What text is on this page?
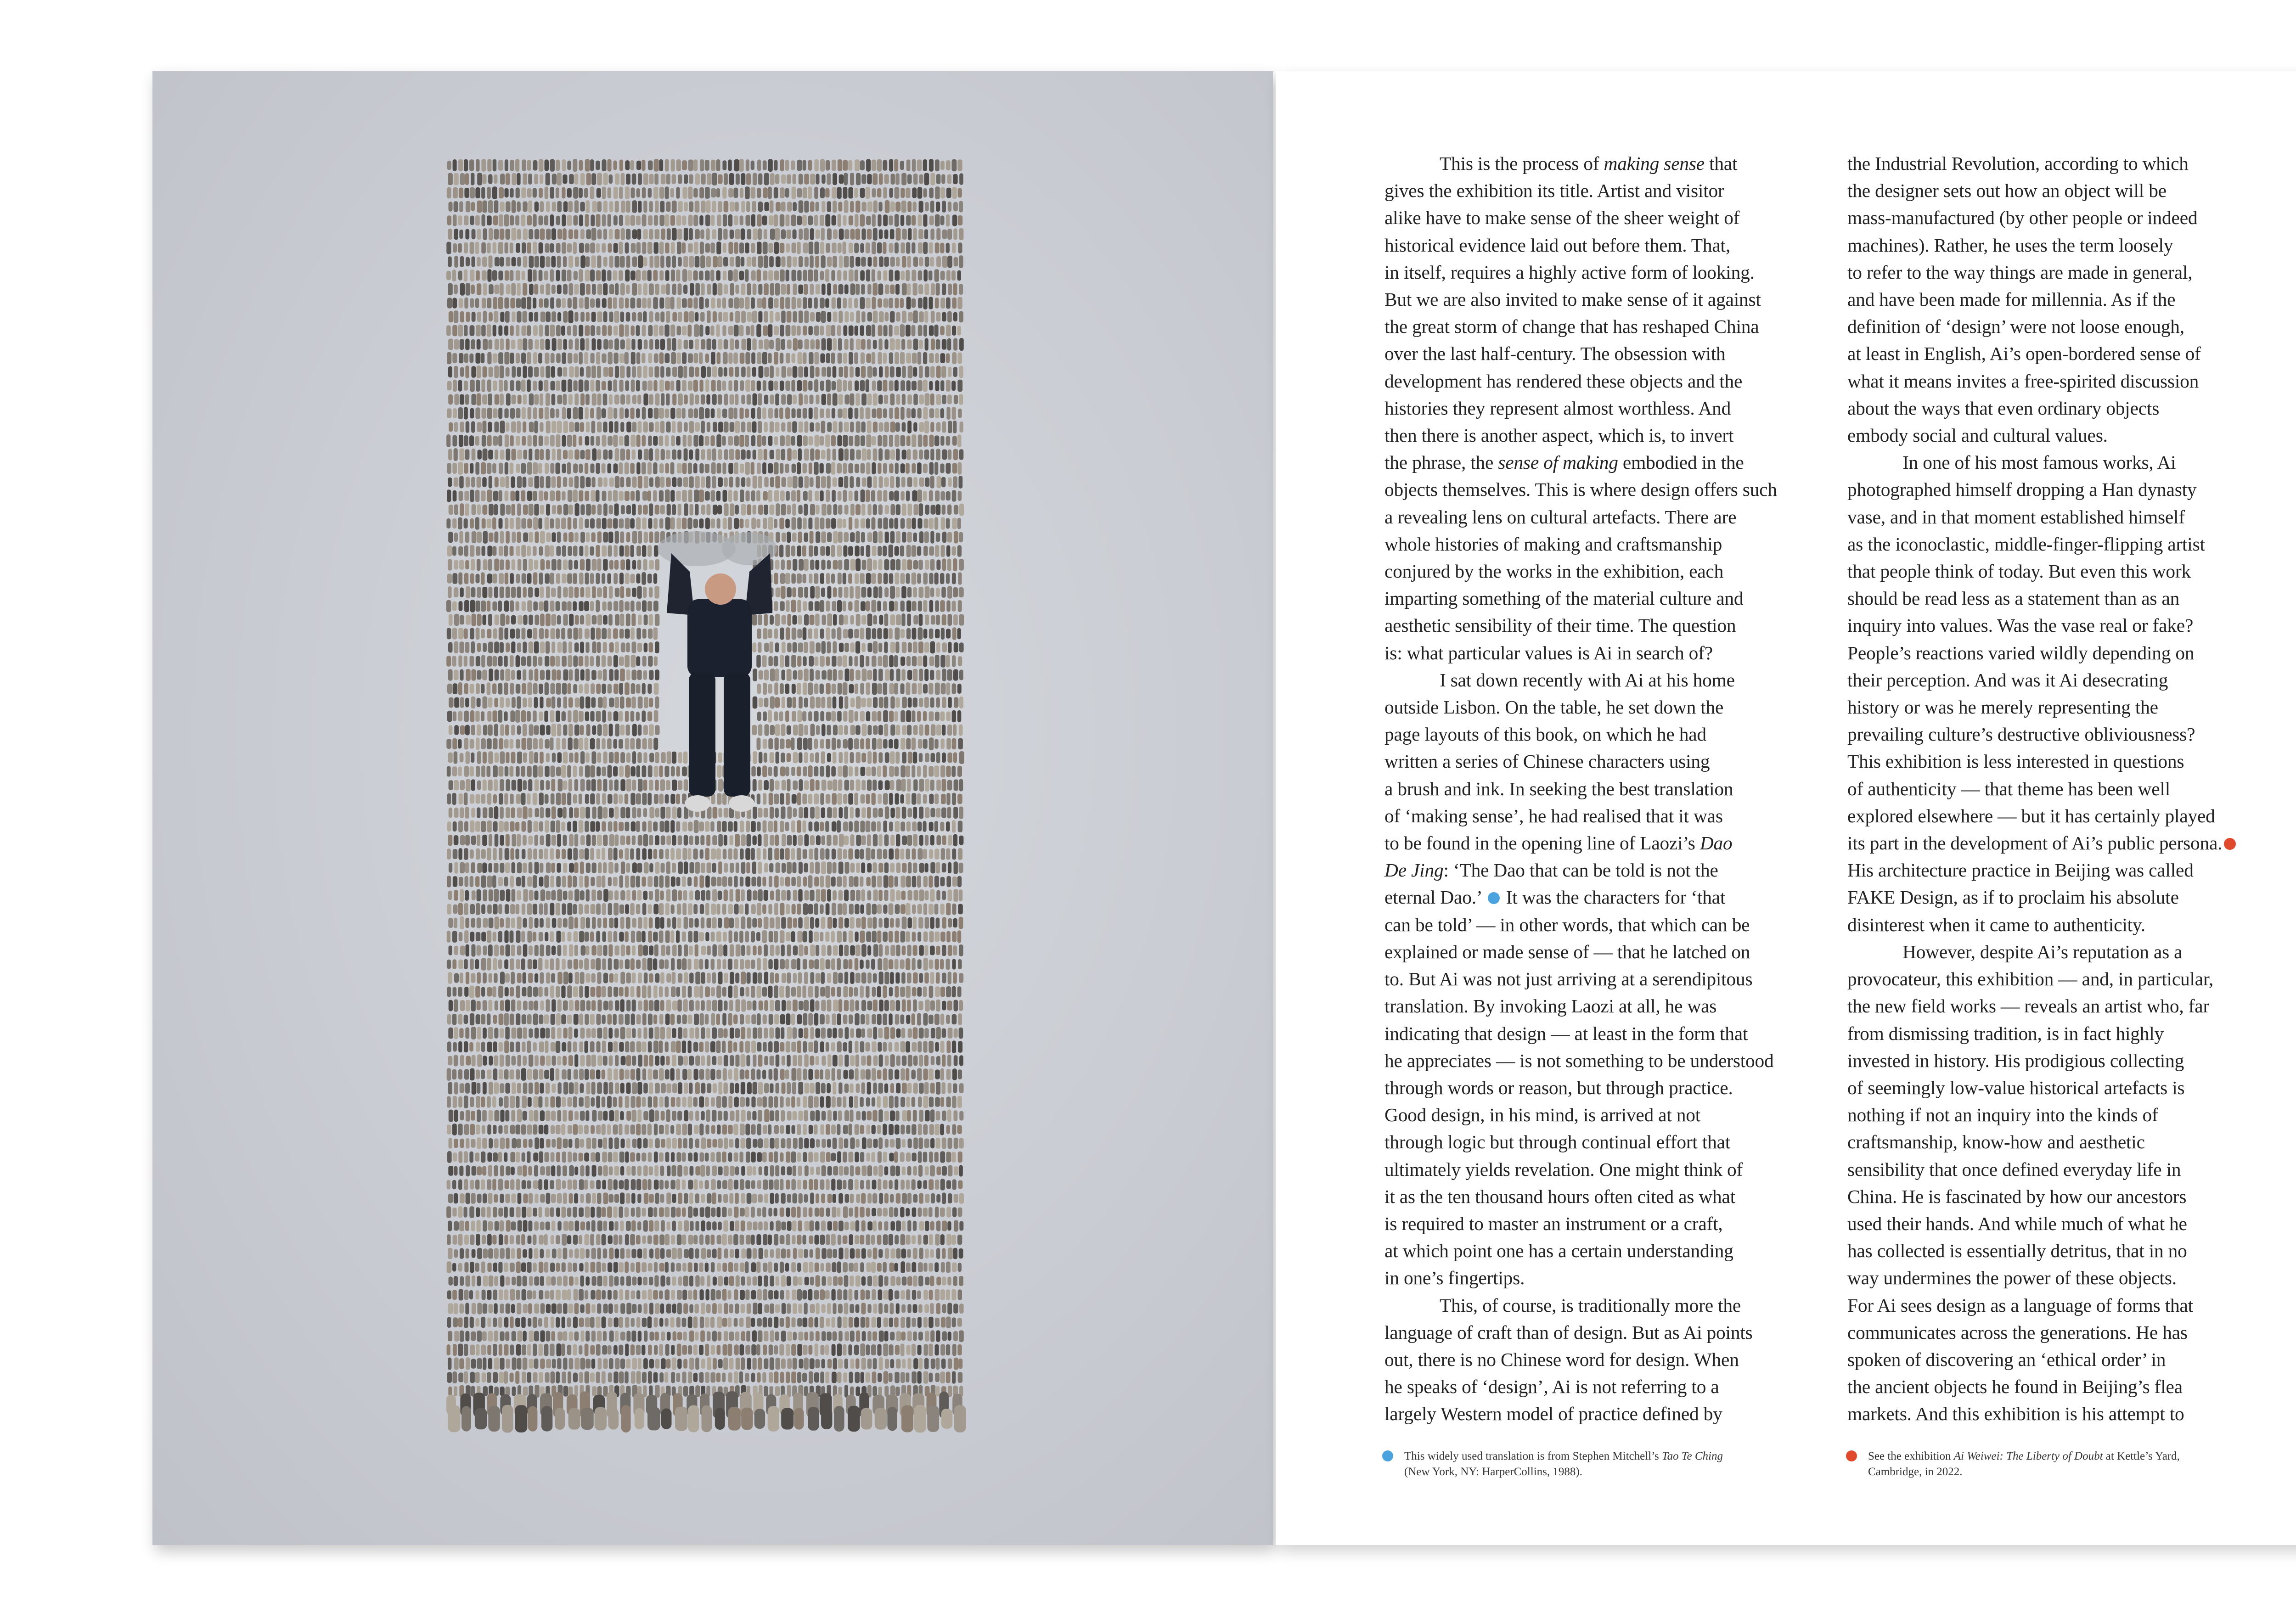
This is the process of making sense that
gives the exhibition its title. Artist and visitor
alike have to make sense of the sheer weight of
historical evidence laid out before them. That,
in itself, requires a highly active form of looking.
But we are also invited to make sense of it against
the great storm of change that has reshaped China
over the last half-century. The obsession with
development has rendered these objects and the
histories they represent almost worthless. And
then there is another aspect, which is, to invert
the phrase, the sense of making embodied in the
objects themselves. This is where design offers such
a revealing lens on cultural artefacts. There are
whole histories of making and craftsmanship
conjured by the works in the exhibition, each
imparting something of the material culture and
aesthetic sensibility of their time. The question
is: what particular values is Ai in search of?
I sat down recently with Ai at his home
outside Lisbon. On the table, he set down the
page layouts of this book, on which he had
written a series of Chinese characters using
a brush and ink. In seeking the best translation
of ‘making sense’, he had realised that it was
to be found in the opening line of Laozi’s Dao
De Jing: ‘The Dao that can be told is not the
eternal Dao.’  It was the characters for ‘that
can be told’ — in other words, that which can be
explained or made sense of — that he latched on
to. But Ai was not just arriving at a serendipitous
translation. By invoking Laozi at all, he was
indicating that design — at least in the form that
he appreciates — is not something to be understood
through words or reason, but through practice.
Good design, in his mind, is arrived at not
through logic but through continual effort that
ultimately yields revelation. One might think of
it as the ten thousand hours often cited as what
is required to master an instrument or a craft,
at which point one has a certain understanding
in one’s fingertips.
This, of course, is traditionally more the
language of craft than of design. But as Ai points
out, there is no Chinese word for design. When
he speaks of ‘design’, Ai is not referring to a
largely Western model of practice defined by
the Industrial Revolution, according to which
the designer sets out how an object will be
mass-manufactured (by other people or indeed
machines). Rather, he uses the term loosely
to refer to the way things are made in general,
and have been made for millennia. As if the
definition of ‘design’ were not loose enough,
at least in English, Ai’s open-bordered sense of
what it means invites a free-spirited discussion
about the ways that even ordinary objects
embody social and cultural values.
In one of his most famous works, Ai
photographed himself dropping a Han dynasty
vase, and in that moment established himself
as the iconoclastic, middle-finger-flipping artist
that people think of today. But even this work
should be read less as a statement than as an
inquiry into values. Was the vase real or fake?
People’s reactions varied wildly depending on
their perception. And was it Ai desecrating
history or was he merely representing the
prevailing culture’s destructive obliviousness?
This exhibition is less interested in questions
of authenticity — that theme has been well
explored elsewhere — but it has certainly played
its part in the development of Ai’s public persona.
His architecture practice in Beijing was called
FAKE Design, as if to proclaim his absolute
disinterest when it came to authenticity.
However, despite Ai’s reputation as a
provocateur, this exhibition — and, in particular,
the new field works — reveals an artist who, far
from dismissing tradition, is in fact highly
invested in history. His prodigious collecting
of seemingly low-value historical artefacts is
nothing if not an inquiry into the kinds of
craftsmanship, know-how and aesthetic
sensibility that once defined everyday life in
China. He is fascinated by how our ancestors
used their hands. And while much of what he
has collected is essentially detritus, that in no
way undermines the power of these objects.
For Ai sees design as a language of forms that
communicates across the generations. He has
spoken of discovering an ‘ethical order’ in
the ancient objects he found in Beijing’s flea
markets. And this exhibition is his attempt to
This widely used translation is from Stephen Mitchell’s Tao Te Ching
(New York, NY: HarperCollins, 1988).
See the exhibition Ai Weiwei: The Liberty of Doubt at Kettle’s Yard,
Cambridge, in 2022.
